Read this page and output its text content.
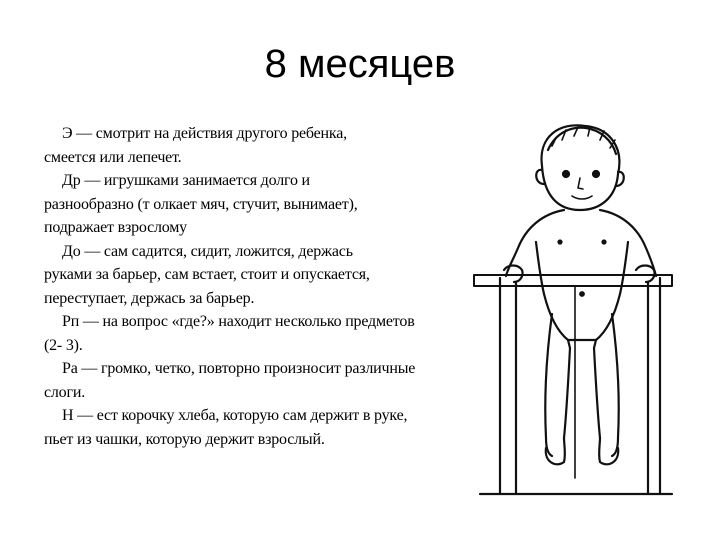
8 месяцев
Э — смотрит на действия другого ребенка,
смеется или лепечет.
Др — игрушками занимается долго и
разнообразно (т олкает мяч, стучит, вынимает),
подражает взрослому
До — сам садится, сидит, ложится, держась
руками за барьер, сам встает, стоит и опускается,
переступает, держась за барьер.
Рп — на вопрос «где?» находит несколько предметов
(2- 3).
Ра — громко, четко, повторно произносит различные
слоги.
Н — ест корочку хлеба, которую сам держит в руке,
пьет из чашки, которую держит взрослый.
